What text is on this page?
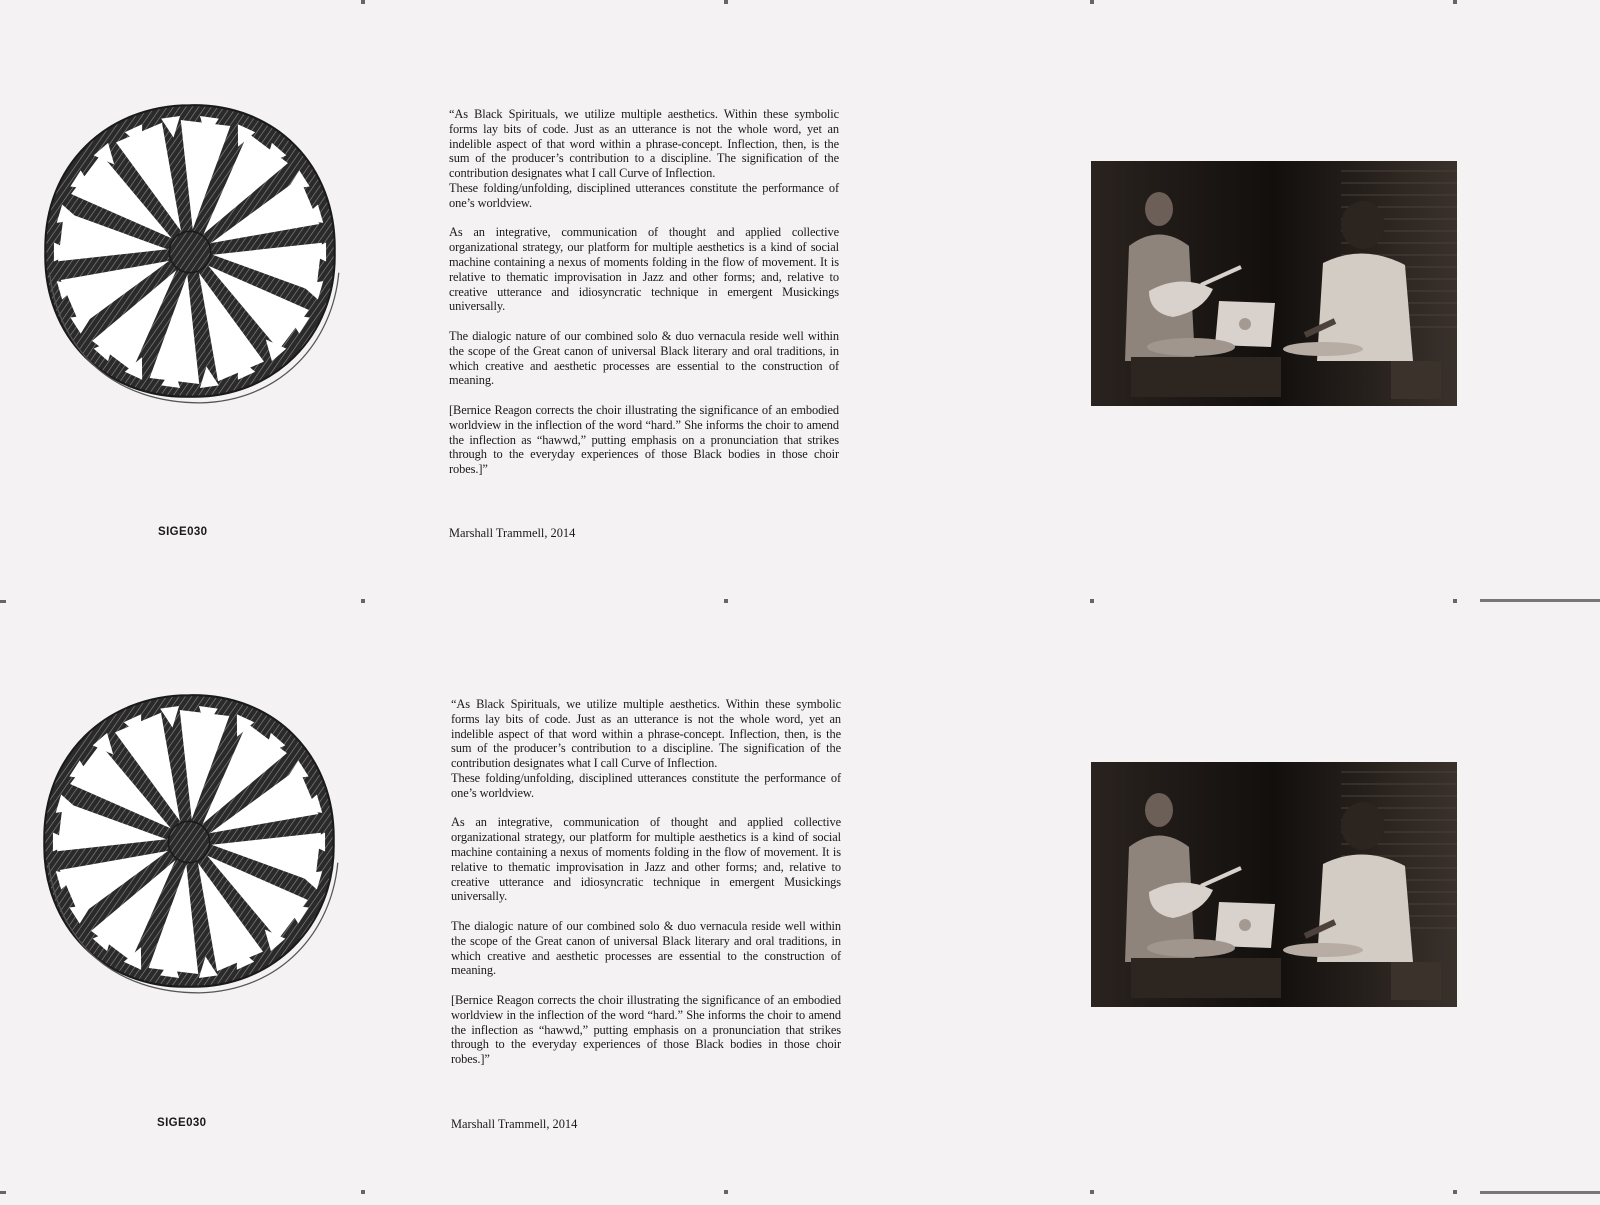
“As Black Spirituals, we utilize multiple aesthetics. Within these symbolic forms lay bits of code. Just as an utterance is not the whole word, yet an indelible aspect of that word within a phrase-concept. Inflection, then, is the sum of the producer’s contribution to a discipline. The signification of the contribution designates what I call Curve of Inflection.

These folding/unfolding, disciplined utterances constitute the performance of one’s worldview.

As an integrative, communication of thought and applied collective organizational strategy, our platform for multiple aesthetics is a kind of social machine containing a nexus of moments folding in the flow of movement. It is relative to thematic improvisation in Jazz and other forms; and, relative to creative utterance and idiosyncratic technique in emergent Musickings universally.

The dialogic nature of our combined solo & duo vernacula reside well within the scope of the Great canon of universal Black literary and oral traditions, in which creative and aesthetic processes are essential to the construction of meaning.

[Bernice Reagon corrects the choir illustrating the significance of an embodied worldview in the inflection of the word “hard.” She informs the choir to amend the inflection as “hawwd,” putting emphasis on a pronunciation that strikes through to the everyday experiences of those Black bodies in those choir robes.]”

SIGE030	Marshall Trammell, 2014

“As Black Spirituals, we utilize multiple aesthetics. Within these symbolic forms lay bits of code. Just as an utterance is not the whole word, yet an indelible aspect of that word within a phrase-concept. Inflection, then, is the sum of the producer’s contribution to a discipline. The signification of the contribution designates what I call Curve of Inflection.

These folding/unfolding, disciplined utterances constitute the performance of one’s worldview.

As an integrative, communication of thought and applied collective organizational strategy, our platform for multiple aesthetics is a kind of social machine containing a nexus of moments folding in the flow of movement. It is relative to thematic improvisation in Jazz and other forms; and, relative to creative utterance and idiosyncratic technique in emergent Musickings universally.

The dialogic nature of our combined solo & duo vernacula reside well within the scope of the Great canon of universal Black literary and oral traditions, in which creative and aesthetic processes are essential to the construction of meaning.

[Bernice Reagon corrects the choir illustrating the significance of an embodied worldview in the inflection of the word “hard.” She informs the choir to amend the inflection as “hawwd,” putting emphasis on a pronunciation that strikes through to the everyday experiences of those Black bodies in those choir robes.]”

SIGE030	Marshall Trammell, 2014
